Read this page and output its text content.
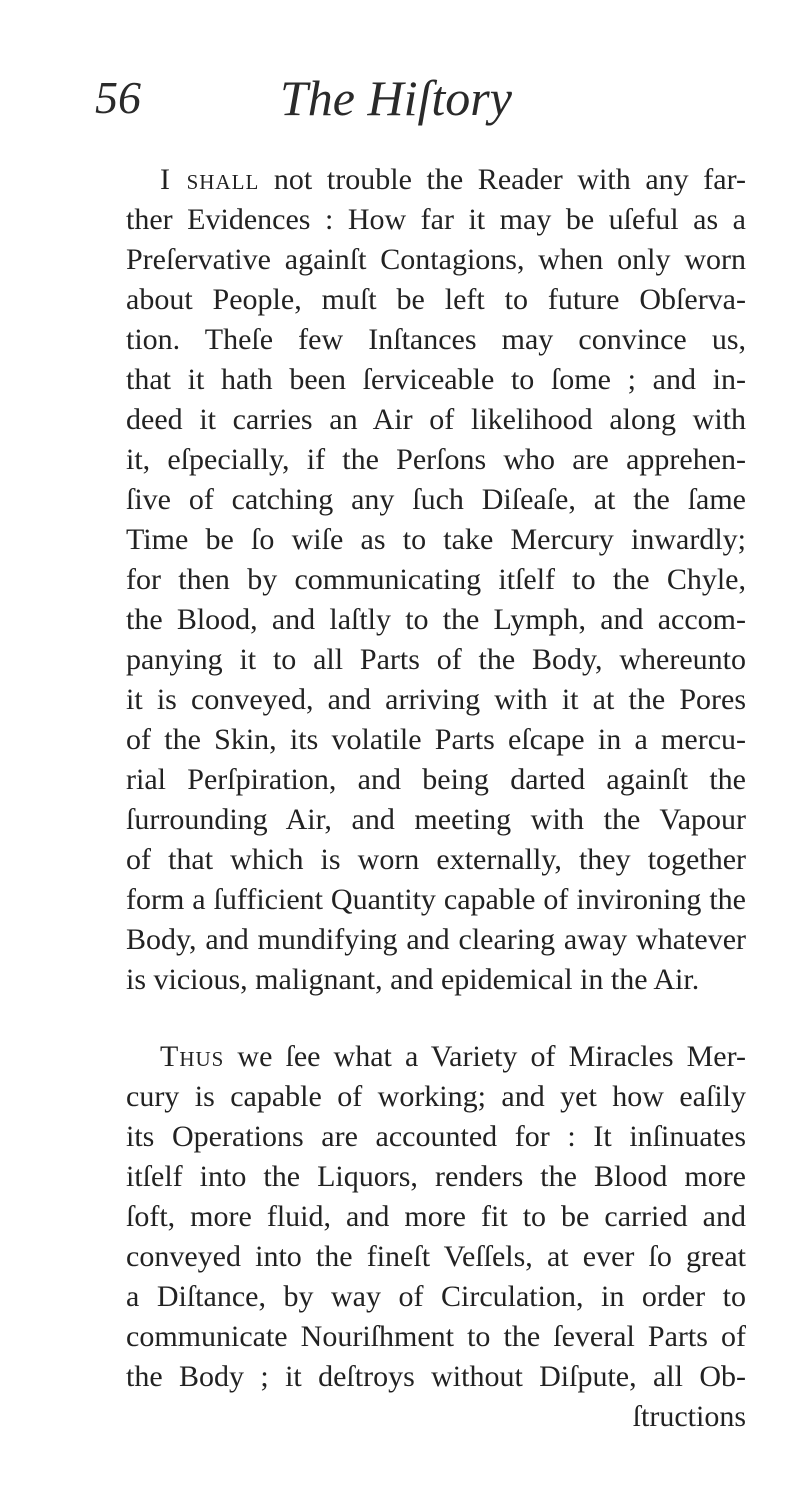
56	The Hiſtory
I shall not trouble the Reader with any far-
ther Evidences : How far it may be uſeful as a
Preſervative againſt Contagions, when only worn
about People, muſt be left to future Obſerva-
tion. Theſe few Inſtances may convince us,
that it hath been ſerviceable to ſome ; and in-
deed it carries an Air of likelihood along with
it, eſpecially, if the Perſons who are apprehen-
ſive of catching any ſuch Diſeaſe, at the ſame
Time be ſo wiſe as to take Mercury inwardly;
for then by communicating itſelf to the Chyle,
the Blood, and laſtly to the Lymph, and accom-
panying it to all Parts of the Body, whereunto
it is conveyed, and arriving with it at the Pores
of the Skin, its volatile Parts eſcape in a mercu-
rial Perſpiration, and being darted againſt the
ſurrounding Air, and meeting with the Vapour
of that which is worn externally, they together
form a ſufficient Quantity capable of invironing the
Body, and mundifying and clearing away whatever
is vicious, malignant, and epidemical in the Air.
Thus we ſee what a Variety of Miracles Mer-
cury is capable of working; and yet how eaſily
its Operations are accounted for : It inſinuates
itſelf into the Liquors, renders the Blood more
ſoft, more fluid, and more fit to be carried and
conveyed into the fineſt Veſſels, at ever ſo great
a Diſtance, by way of Circulation, in order to
communicate Nouriſhment to the ſeveral Parts of
the Body ; it deſtroys without Diſpute, all Ob-
ſtructions
